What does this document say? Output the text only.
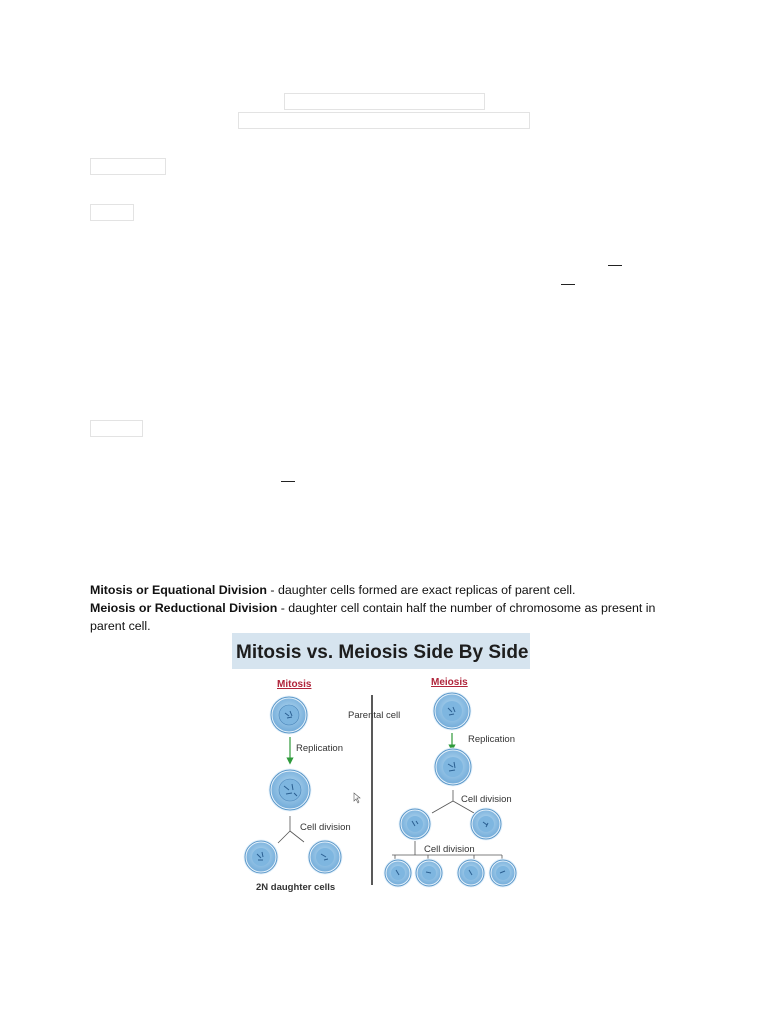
Mitosis or Equational Division - daughter cells formed are exact replicas of parent cell.
Meiosis or Reductional Division - daughter cell contain half the number of chromosome as present in parent cell.
Mitosis vs. Meiosis Side By Side
Mitosis	Meiosis
Parental cell
Replication
Cell division
2N daughter cells
Replication
Cell division
Cell division
